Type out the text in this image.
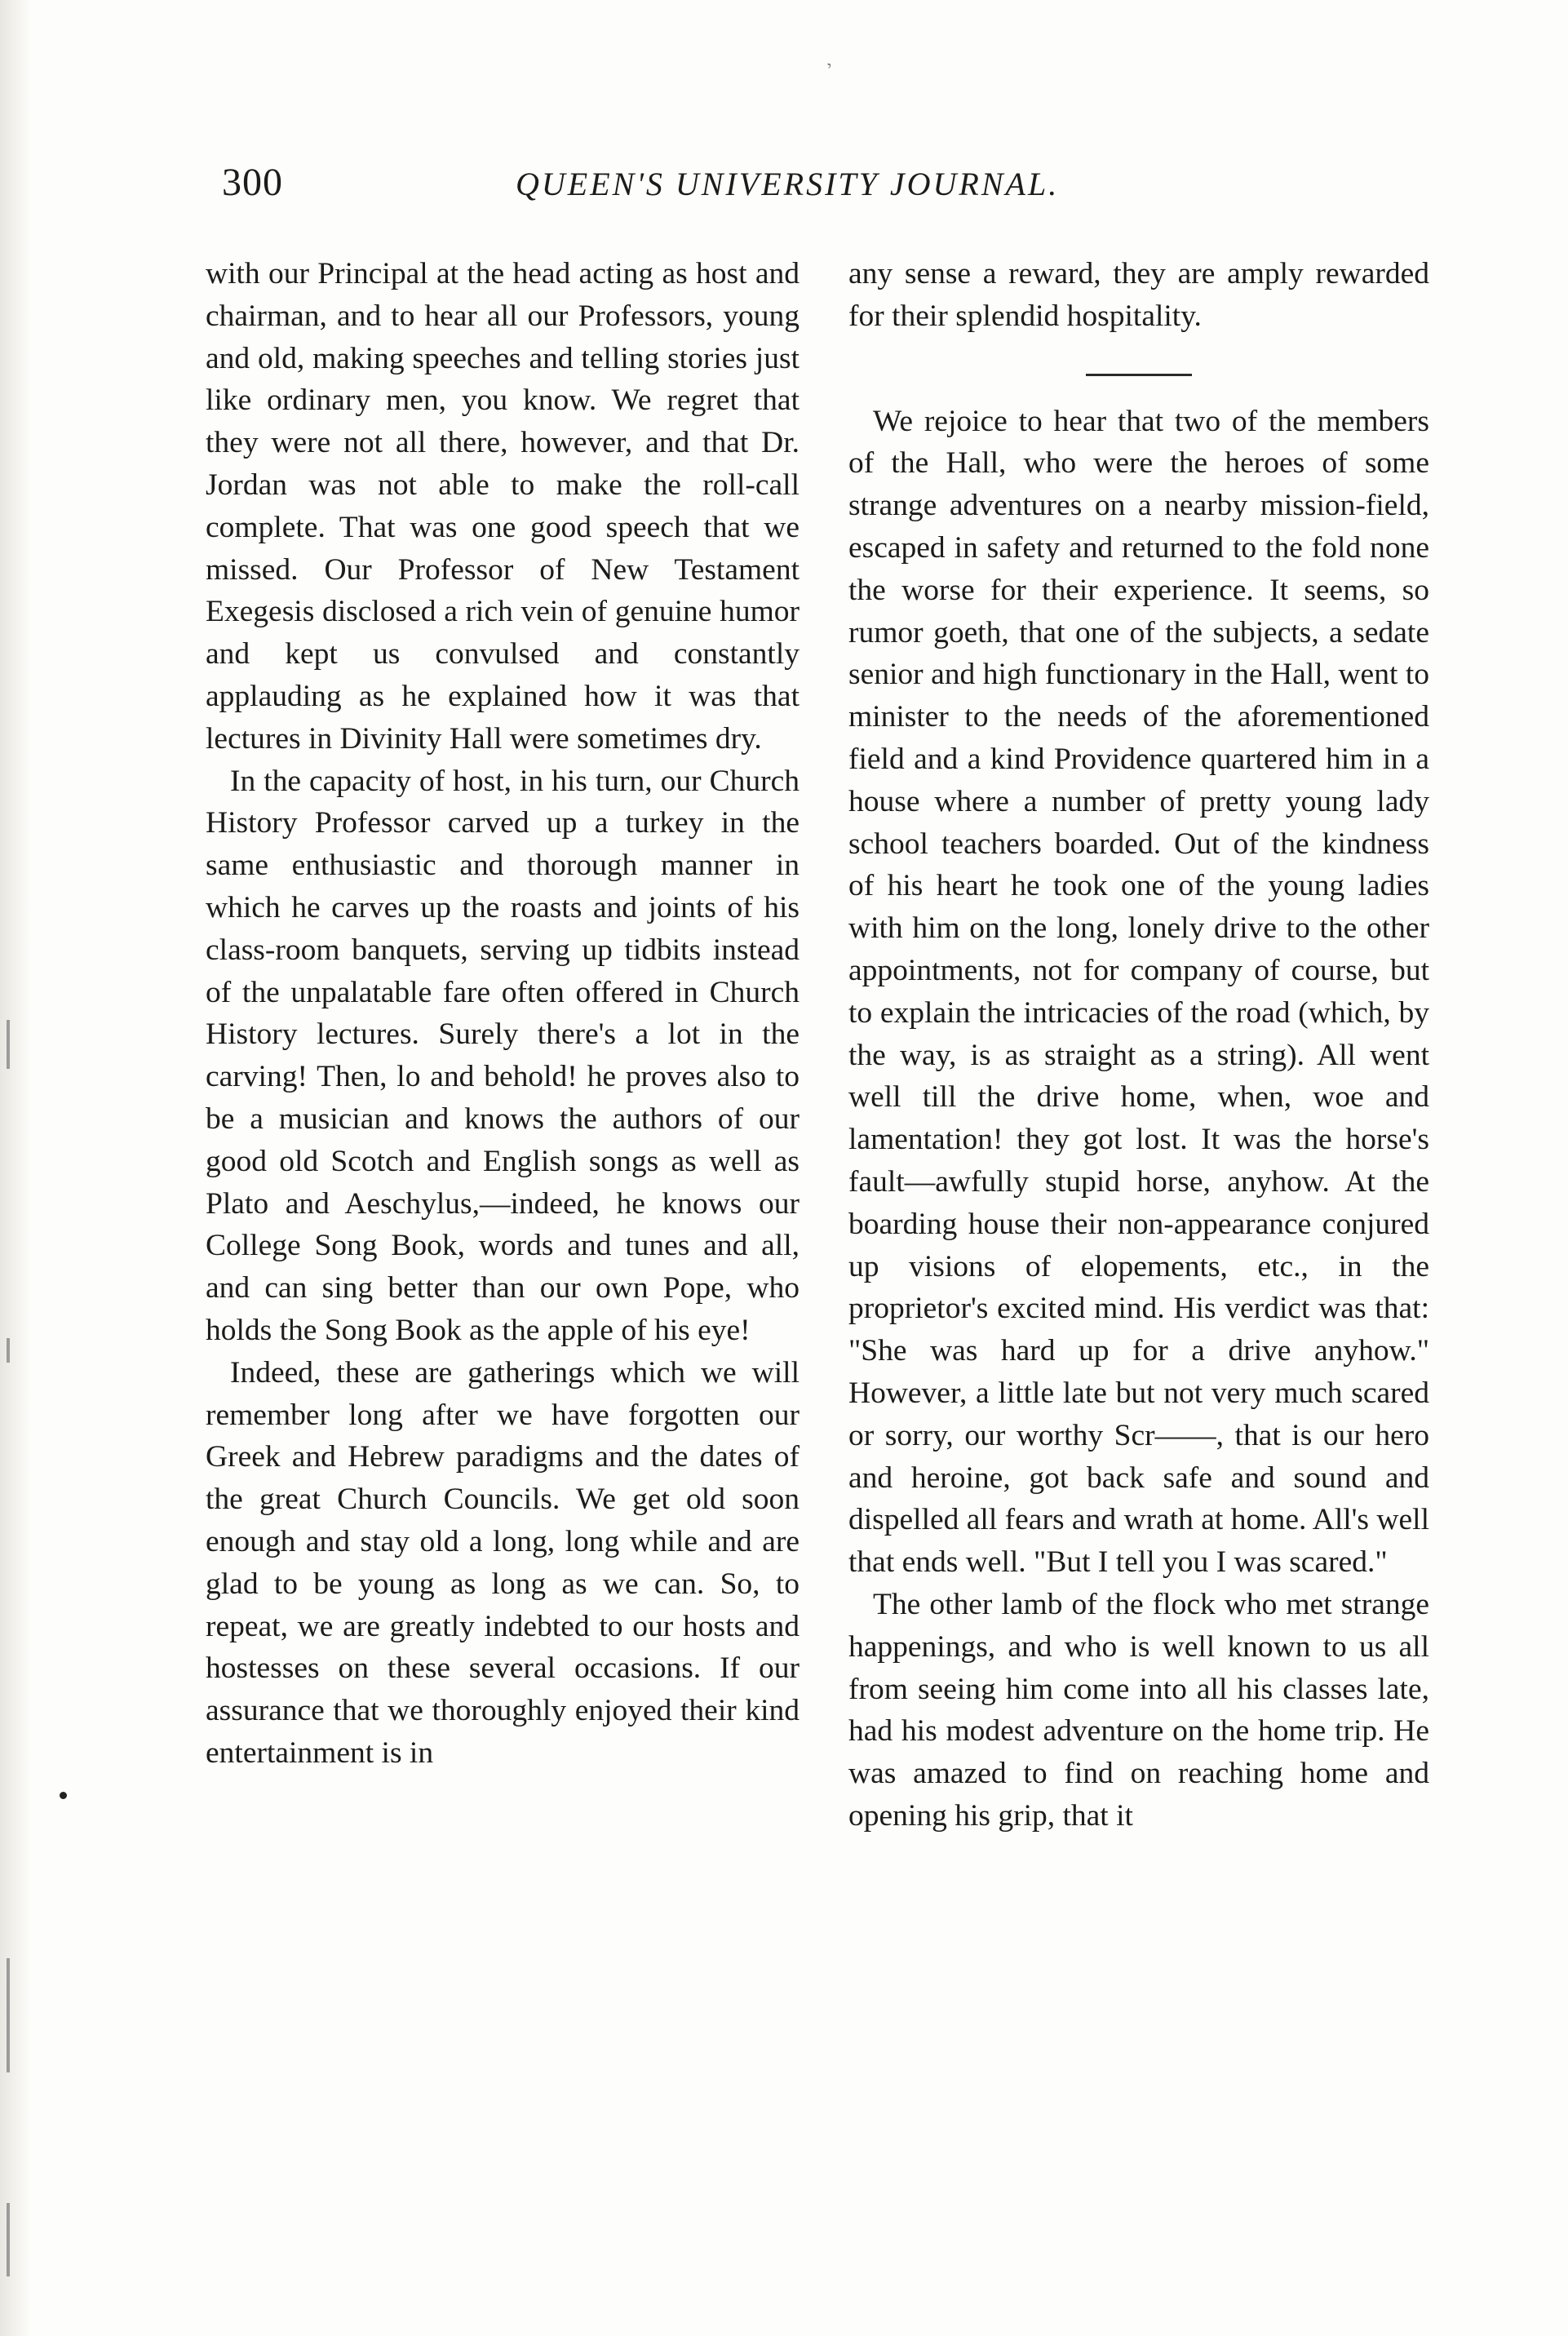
י
300	QUEEN'S UNIVERSITY JOURNAL.

with our Principal at the head acting as host and chairman, and to hear all our Professors, young and old, making speeches and telling stories just like ordinary men, you know. We regret that they were not all there, however, and that Dr. Jordan was not able to make the roll-call complete. That was one good speech that we missed. Our Professor of New Testament Exegesis disclosed a rich vein of genuine humor and kept us convulsed and constantly applauding as he explained how it was that lectures in Divinity Hall were sometimes dry.

In the capacity of host, in his turn, our Church History Professor carved up a turkey in the same enthusiastic and thorough manner in which he carves up the roasts and joints of his class-room banquets, serving up tidbits instead of the unpalatable fare often offered in Church History lectures. Surely there's a lot in the carving! Then, lo and behold! he proves also to be a musician and knows the authors of our good old Scotch and English songs as well as Plato and Aeschylus,—indeed, he knows our College Song Book, words and tunes and all, and can sing better than our own Pope, who holds the Song Book as the apple of his eye!

Indeed, these are gatherings which we will remember long after we have forgotten our Greek and Hebrew paradigms and the dates of the great Church Councils. We get old soon enough and stay old a long, long while and are glad to be young as long as we can. So, to repeat, we are greatly indebted to our hosts and hostesses on these several occasions. If our assurance that we thoroughly enjoyed their kind entertainment is in

any sense a reward, they are amply rewarded for their splendid hospitality.

We rejoice to hear that two of the members of the Hall, who were the heroes of some strange adventures on a nearby mission-field, escaped in safety and returned to the fold none the worse for their experience. It seems, so rumor goeth, that one of the subjects, a sedate senior and high functionary in the Hall, went to minister to the needs of the aforementioned field and a kind Providence quartered him in a house where a number of pretty young lady school teachers boarded. Out of the kindness of his heart he took one of the young ladies with him on the long, lonely drive to the other appointments, not for company of course, but to explain the intricacies of the road (which, by the way, is as straight as a string). All went well till the drive home, when, woe and lamentation! they got lost. It was the horse's fault—awfully stupid horse, anyhow. At the boarding house their non-appearance conjured up visions of elopements, etc., in the proprietor's excited mind. His verdict was that: "She was hard up for a drive anyhow." However, a little late but not very much scared or sorry, our worthy Scr——, that is our hero and heroine, got back safe and sound and dispelled all fears and wrath at home. All's well that ends well. "But I tell you I was scared."

The other lamb of the flock who met strange happenings, and who is well known to us all from seeing him come into all his classes late, had his modest adventure on the home trip. He was amazed to find on reaching home and opening his grip, that it
